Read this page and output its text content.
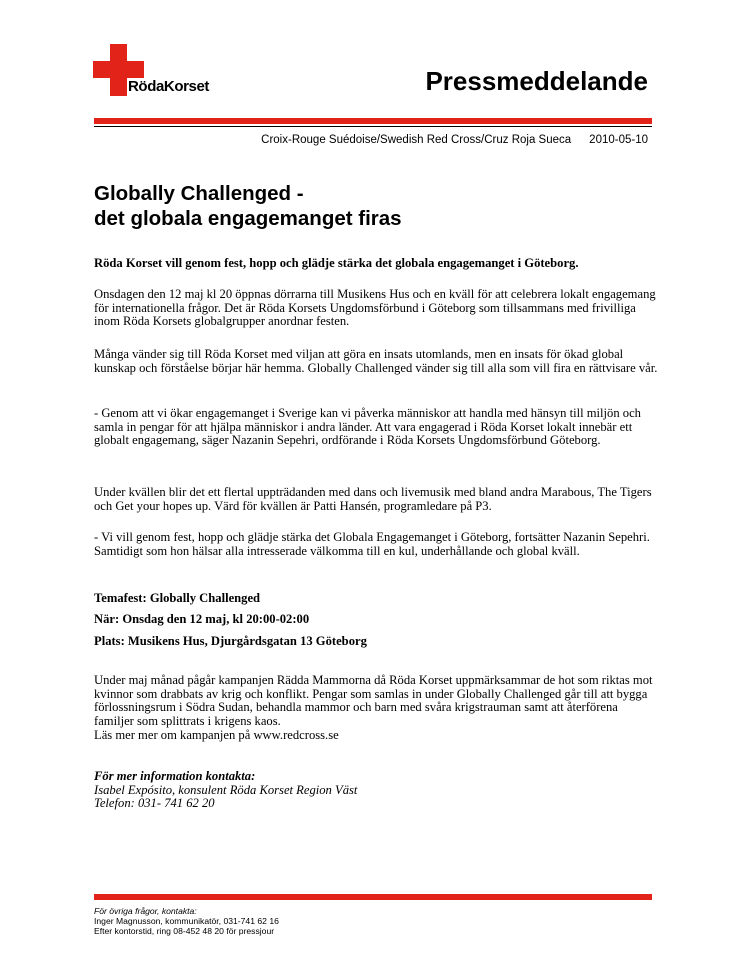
RödaKorset	Pressmeddelande
Croix-Rouge Suédoise/Swedish Red Cross/Cruz Roja Sueca 2010-05-10
Globally Challenged -
det globala engagemanget firas
Röda Korset vill genom fest, hopp och glädje stärka det globala engagemanget i Göteborg.
Onsdagen den 12 maj kl 20 öppnas dörrarna till Musikens Hus och en kväll för att celebrera lokalt engagemang för internationella frågor. Det är Röda Korsets Ungdomsförbund i Göteborg som tillsammans med frivilliga inom Röda Korsets globalgrupper anordnar festen.
Många vänder sig till Röda Korset med viljan att göra en insats utomlands, men en insats för ökad global kunskap och förståelse börjar här hemma. Globally Challenged vänder sig till alla som vill fira en rättvisare vår.
- Genom att vi ökar engagemanget i Sverige kan vi påverka människor att handla med hänsyn till miljön och samla in pengar för att hjälpa människor i andra länder. Att vara engagerad i Röda Korset lokalt innebär ett globalt engagemang, säger Nazanin Sepehri, ordförande i Röda Korsets Ungdomsförbund Göteborg.
Under kvällen blir det ett flertal uppträdanden med dans och livemusik med bland andra Marabous, The Tigers och Get your hopes up. Värd för kvällen är Patti Hansén, programledare på P3.
- Vi vill genom fest, hopp och glädje stärka det Globala Engagemanget i Göteborg, fortsätter Nazanin Sepehri. Samtidigt som hon hälsar alla intresserade välkomma till en kul, underhållande och global kväll.
Temafest: Globally Challenged
När: Onsdag den 12 maj, kl 20:00-02:00
Plats: Musikens Hus, Djurgårdsgatan 13 Göteborg
Under maj månad pågår kampanjen Rädda Mammorna då Röda Korset uppmärksammar de hot som riktas mot kvinnor som drabbats av krig och konflikt. Pengar som samlas in under Globally Challenged går till att bygga förlossningsrum i Södra Sudan, behandla mammor och barn med svåra krigstrauman samt att återförena familjer som splittrats i krigens kaos.
Läs mer mer om kampanjen på www.redcross.se
För mer information kontakta:
Isabel Expósito, konsulent Röda Korset Region Väst
Telefon: 031- 741 62 20
För övriga frågor, kontakta:
Inger Magnusson, kommunikatör, 031-741 62 16
Efter kontorstid, ring 08-452 48 20 för pressjour
